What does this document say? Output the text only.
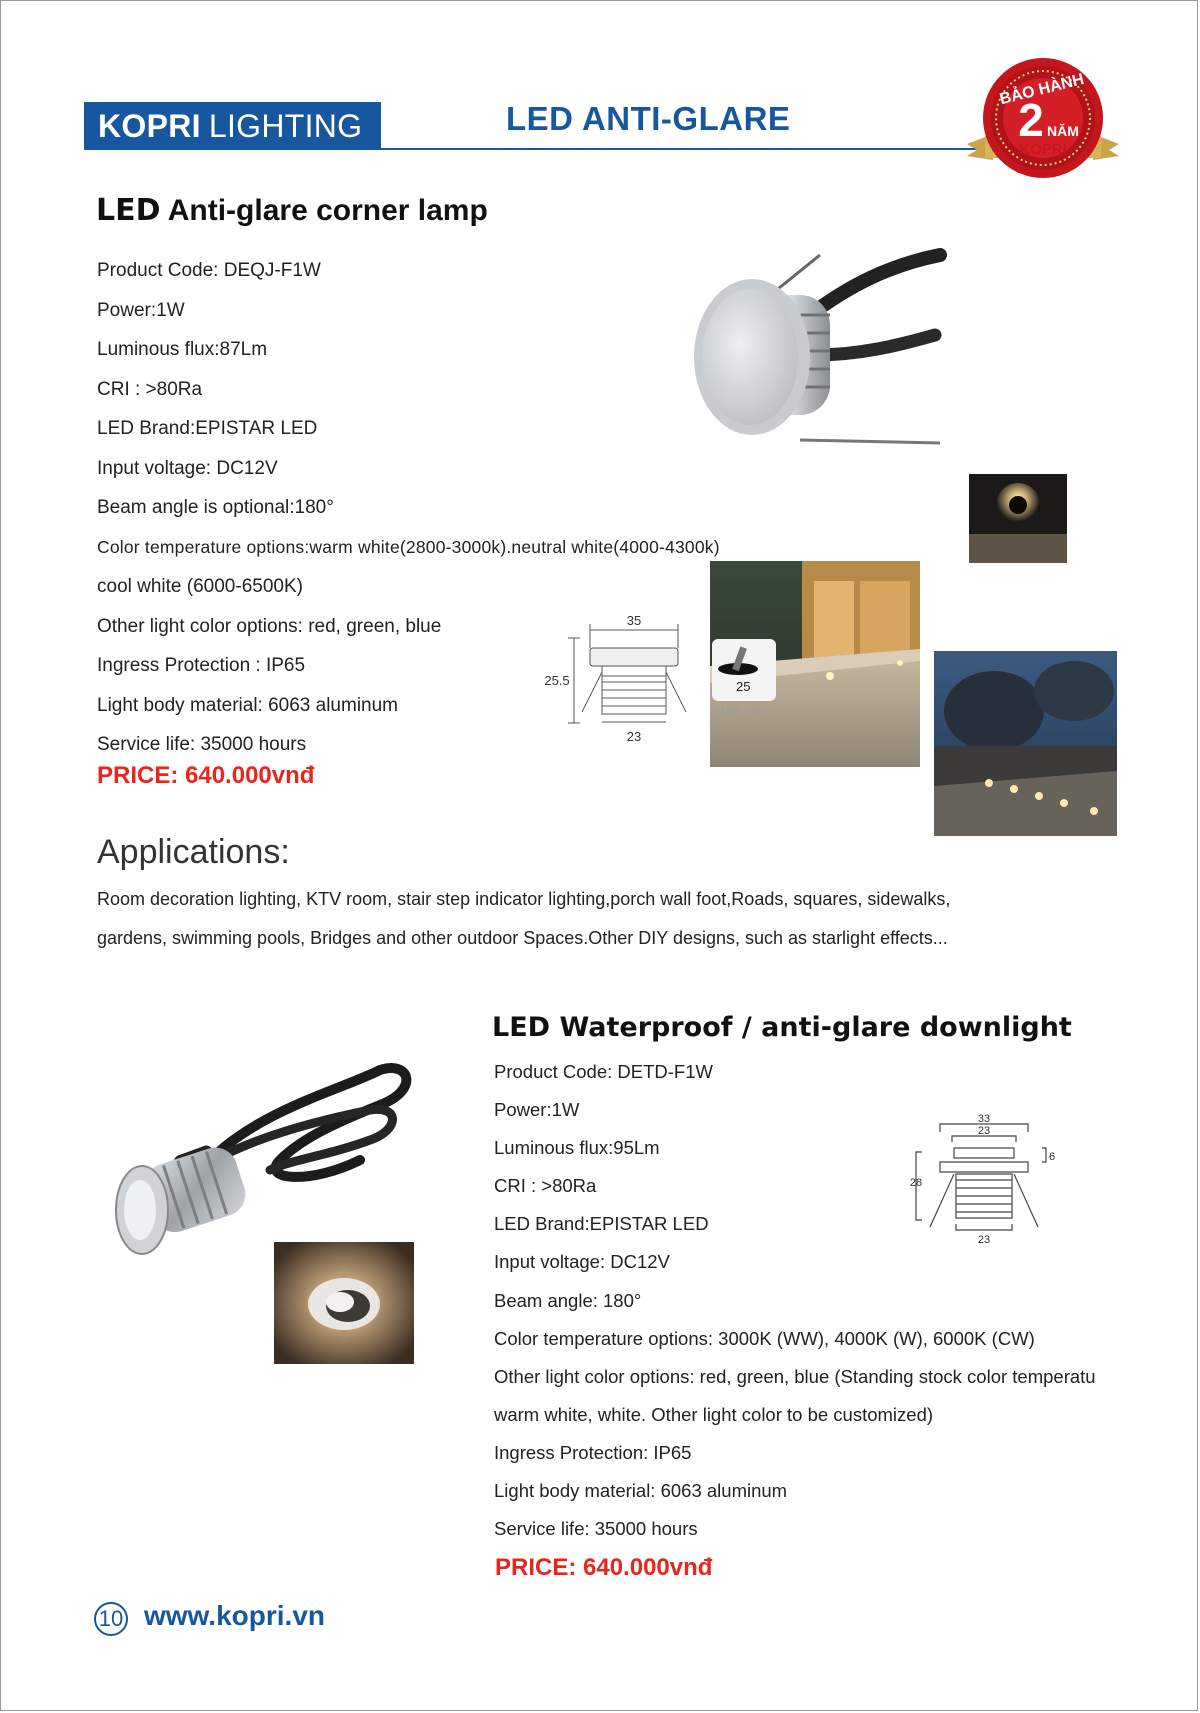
KOPRI LIGHTING	LED ANTI-GLARE
BẢO HÀNH
2 NĂM
KOPRI
LED Anti-glare corner lamp
Product Code: DEQJ-F1W
Power:1W
Luminous flux:87Lm
CRI : >80Ra
LED Brand:EPISTAR LED
Input voltage: DC12V
Beam angle is optional:180°
Color temperature options:warm white(2800-3000k).neutral white(4000-4300k)
cool white (6000-6500K)
Other light color options: red, green, blue
Ingress Protection : IP65
Light body material: 6063 aluminum
Service life: 35000 hours
PRICE: 640.000vnđ
35
25.5
23
25
Unit: mm
Applications:
Room decoration lighting, KTV room, stair step indicator lighting,porch wall foot,Roads, squares, sidewalks,
gardens, swimming pools, Bridges and other outdoor Spaces.Other DIY designs, such as starlight effects...
LED Waterproof / anti-glare downlight
Product Code: DETD-F1W
Power:1W
Luminous flux:95Lm
CRI : >80Ra
LED Brand:EPISTAR LED
Input voltage: DC12V
Beam angle: 180°
Color temperature options: 3000K (WW), 4000K (W), 6000K (CW)
Other light color options: red, green, blue (Standing stock color temperatu
warm white, white. Other light color to be customized)
Ingress Protection: IP65
Light body material: 6063 aluminum
Service life: 35000 hours
PRICE: 640.000vnđ
33
23
28
6
23
10 www.kopri.vn
